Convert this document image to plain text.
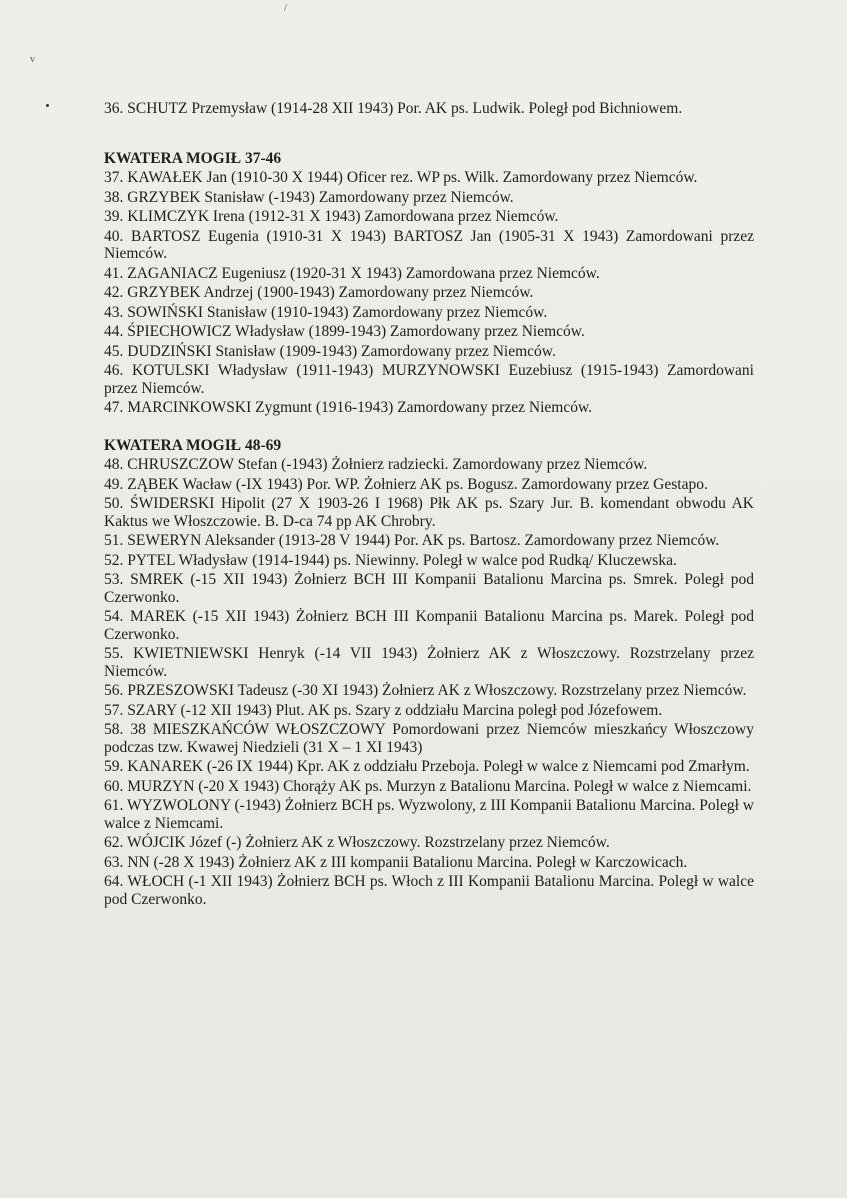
/
v

36. SCHUTZ Przemysław (1914-28 XII 1943) Por. AK ps. Ludwik. Poległ pod Bichniowem.

KWATERA MOGIŁ 37-46

37. KAWAŁEK Jan (1910-30 X 1944) Oficer rez. WP ps. Wilk. Zamordowany przez Niemców.

38. GRZYBEK Stanisław (-1943) Zamordowany przez Niemców.

39. KLIMCZYK Irena (1912-31 X 1943) Zamordowana przez Niemców.

40. BARTOSZ Eugenia (1910-31 X 1943) BARTOSZ Jan (1905-31 X 1943) Zamordowani przez Niemców.

41. ZAGANIACZ Eugeniusz (1920-31 X 1943) Zamordowana przez Niemców.

42. GRZYBEK Andrzej (1900-1943) Zamordowany przez Niemców.

43. SOWIŃSKI Stanisław (1910-1943) Zamordowany przez Niemców.

44. ŚPIECHOWICZ Władysław (1899-1943) Zamordowany przez Niemców.

45. DUDZIŃSKI Stanisław (1909-1943) Zamordowany przez Niemców.

46. KOTULSKI Władysław (1911-1943) MURZYNOWSKI Euzebiusz (1915-1943) Zamordowani przez Niemców.

47. MARCINKOWSKI Zygmunt (1916-1943) Zamordowany przez Niemców.

KWATERA MOGIŁ 48-69

48. CHRUSZCZOW Stefan (-1943) Żołnierz radziecki. Zamordowany przez Niemców.

49. ZĄBEK Wacław (-IX 1943) Por. WP. Żołnierz AK ps. Bogusz. Zamordowany przez Gestapo.

50. ŚWIDERSKI Hipolit (27 X 1903-26 I 1968) Płk AK ps. Szary Jur. B. komendant obwodu AK Kaktus we Włoszczowie. B. D-ca 74 pp AK Chrobry.

51. SEWERYN Aleksander (1913-28 V 1944) Por. AK ps. Bartosz. Zamordowany przez Niemców.

52. PYTEL Władysław (1914-1944) ps. Niewinny. Poległ w walce pod Rudką/ Kluczewska.

53. SMREK (-15 XII 1943) Żołnierz BCH III Kompanii Batalionu Marcina ps. Smrek. Poległ pod Czerwonko.

54. MAREK (-15 XII 1943) Żołnierz BCH III Kompanii Batalionu Marcina ps. Marek. Poległ pod Czerwonko.

55. KWIETNIEWSKI Henryk (-14 VII 1943) Żołnierz AK z Włoszczowy. Rozstrzelany przez Niemców.

56. PRZESZOWSKI Tadeusz (-30 XI 1943) Żołnierz AK z Włoszczowy. Rozstrzelany przez Niemców.

57. SZARY (-12 XII 1943) Plut. AK ps. Szary z oddziału Marcina poległ pod Józefowem.

58. 38 MIESZKAŃCÓW WŁOSZCZOWY Pomordowani przez Niemców mieszkańcy Włoszczowy podczas tzw. Kwawej Niedzieli (31 X – 1 XI 1943)

59. KANAREK (-26 IX 1944) Kpr. AK z oddziału Przeboja. Poległ w walce z Niemcami pod Zmarłym.

60. MURZYN (-20 X 1943) Chorąży AK ps. Murzyn z Batalionu Marcina. Poległ w walce z Niemcami.

61. WYZWOLONY (-1943) Żołnierz BCH ps. Wyzwolony, z III Kompanii Batalionu Marcina. Poległ w walce z Niemcami.

62. WÓJCIK Józef (-) Żołnierz AK z Włoszczowy. Rozstrzelany przez Niemców.

63. NN (-28 X 1943) Żołnierz AK z III kompanii Batalionu Marcina. Poległ w Karczowicach.

64. WŁOCH (-1 XII 1943) Żołnierz BCH ps. Włoch z III Kompanii Batalionu Marcina. Poległ w walce pod Czerwonko.
